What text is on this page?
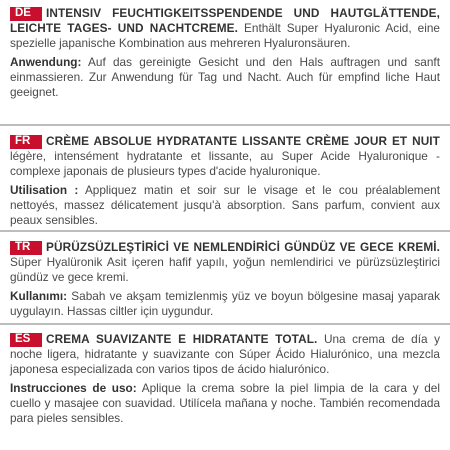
DE INTENSIV FEUCHTIGKEITSSPENDENDE UND HAUTGLÄTTENDE, LEICHTE TAGES- UND NACHTCREME. Enthält Super Hyaluronic Acid, eine spezielle japanische Kombination aus mehreren Hyaluronsäuren.

Anwendung: Auf das gereinigte Gesicht und den Hals auftragen und sanft einmassieren. Zur Anwendung für Tag und Nacht. Auch für empfind liche Haut geeignet.

FR CRÈME ABSOLUE HYDRATANTE LISSANTE CRÈME JOUR ET NUIT légère, intensément hydratante et lissante, au Super Acide Hyaluronique - complexe japonais de plusieurs types d'acide hyaluronique.

Utilisation : Appliquez matin et soir sur le visage et le cou préalablement nettoyés, massez délicatement jusqu'à absorption. Sans parfum, convient aux peaux sensibles.

TR PÜRÜZSÜZLEŞTİRİCİ VE NEMLENDİRİCİ GÜNDÜZ VE GECE KREMİ. Süper Hyalüronik Asit içeren hafif yapılı, yoğun nemlendirici ve pürüzsüzleştirici gündüz ve gece kremi.

Kullanımı: Sabah ve akşam temizlenmiş yüz ve boyun bölgesine masaj yaparak uygulayın. Hassas ciltler için uygundur.

ES CREMA SUAVIZANTE E HIDRATANTE TOTAL. Una crema de día y noche ligera, hidratante y suavizante con Súper Ácido Hialurónico, una mezcla japonesa especializada con varios tipos de ácido hialurónico.

Instrucciones de uso: Aplique la crema sobre la piel limpia de la cara y del cuello y masajee con suavidad. Utilícela mañana y noche. También recomendada para pieles sensibles.
